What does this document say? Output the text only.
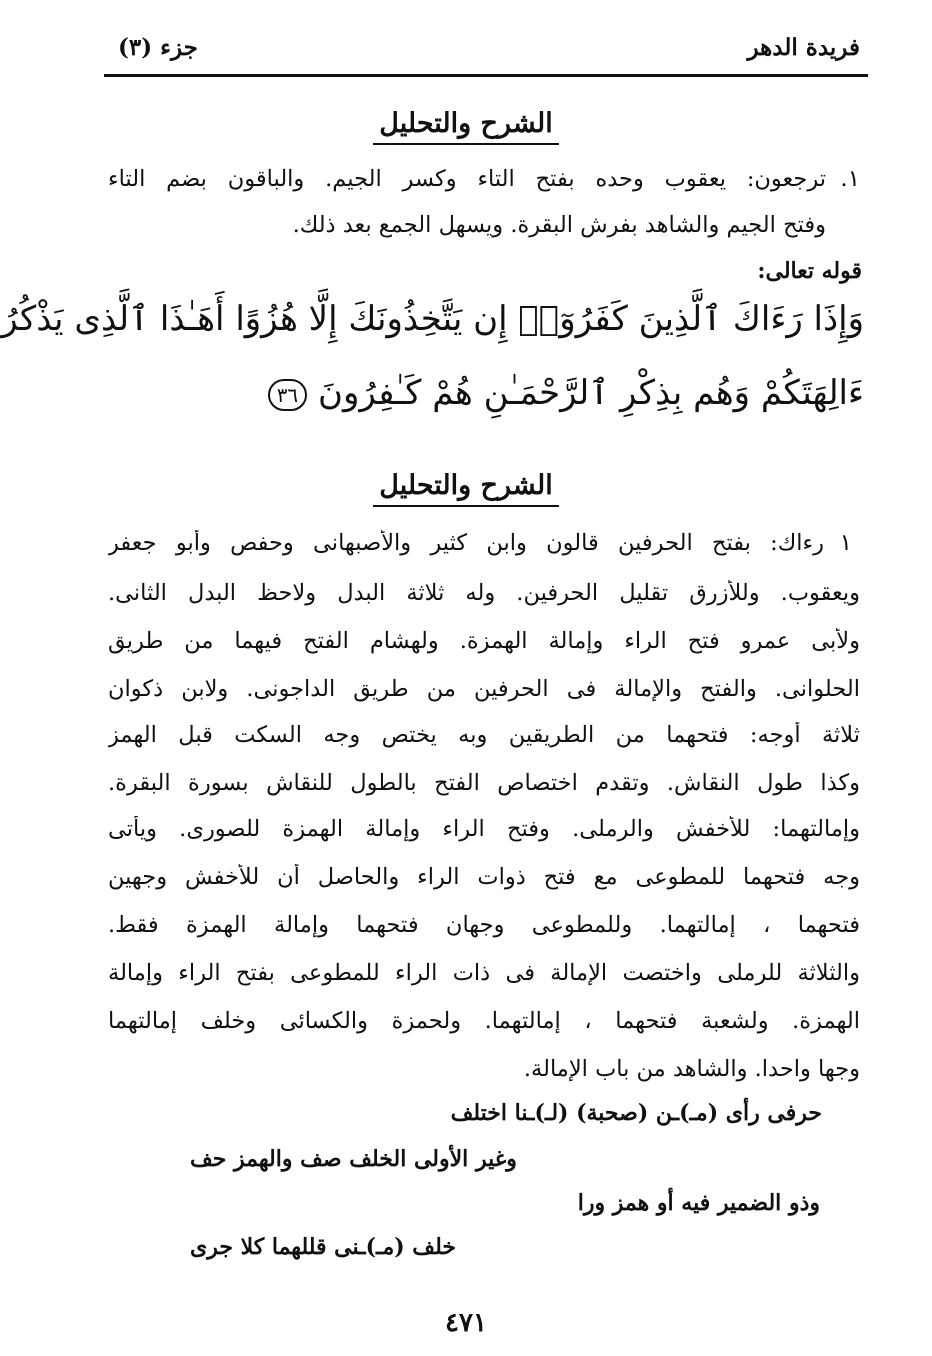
فريدة الدهر
جزء (٣)
الشرح والتحليل
١.
ترجعون: يعقوب وحده بفتح التاء وكسر الجيم. والباقون بضم التاء
وفتح الجيم والشاهد بفرش البقرة. ويسهل الجمع بعد ذلك.
قوله تعالى:
وَإِذَا رَءَاكَ ٱلَّذِينَ كَفَرُوٓا۟ إِن يَتَّخِذُونَكَ إِلَّا هُزُوًا أَهَـٰذَا ٱلَّذِى يَذْكُرُ
ءَالِهَتَكُمْ وَهُم بِذِكْرِ ٱلرَّحْمَـٰنِ هُمْ كَـٰفِرُونَ ٣٦
الشرح والتحليل
١
رءاك: بفتح الحرفين قالون وابن كثير والأصبهانى وحفص وأبو جعفر
ويعقوب. وللأزرق تقليل الحرفين. وله ثلاثة البدل ولاحظ البدل الثانى.
ولأبى عمرو فتح الراء وإمالة الهمزة. ولهشام الفتح فيهما من طريق
الحلوانى. والفتح والإمالة فى الحرفين من طريق الداجونى. ولابن ذكوان
ثلاثة أوجه: فتحهما من الطريقين وبه يختص وجه السكت قبل الهمز
وكذا طول النقاش. وتقدم اختصاص الفتح بالطول للنقاش بسورة البقرة.
وإمالتهما: للأخفش والرملى. وفتح الراء وإمالة الهمزة للصورى. ويأتى
وجه فتحهما للمطوعى مع فتح ذوات الراء والحاصل أن للأخفش وجهين
فتحهما ، إمالتهما. وللمطوعى وجهان فتحهما وإمالة الهمزة فقط.
والثلاثة للرملى واختصت الإمالة فى ذات الراء للمطوعى بفتح الراء وإمالة
الهمزة. ولشعبة فتحهما ، إمالتهما. ولحمزة والكسائى وخلف إمالتهما
وجها واحدا. والشاهد من باب الإمالة.
حرفى رأى (مـ)ـن (صحبة) (لـ)ـنا اختلف
وغير الأولى الخلف صف والهمز حف
وذو الضمير فيه أو همز ورا
خلف (مـ)ـنى قللهما كلا جرى
٤٧١
